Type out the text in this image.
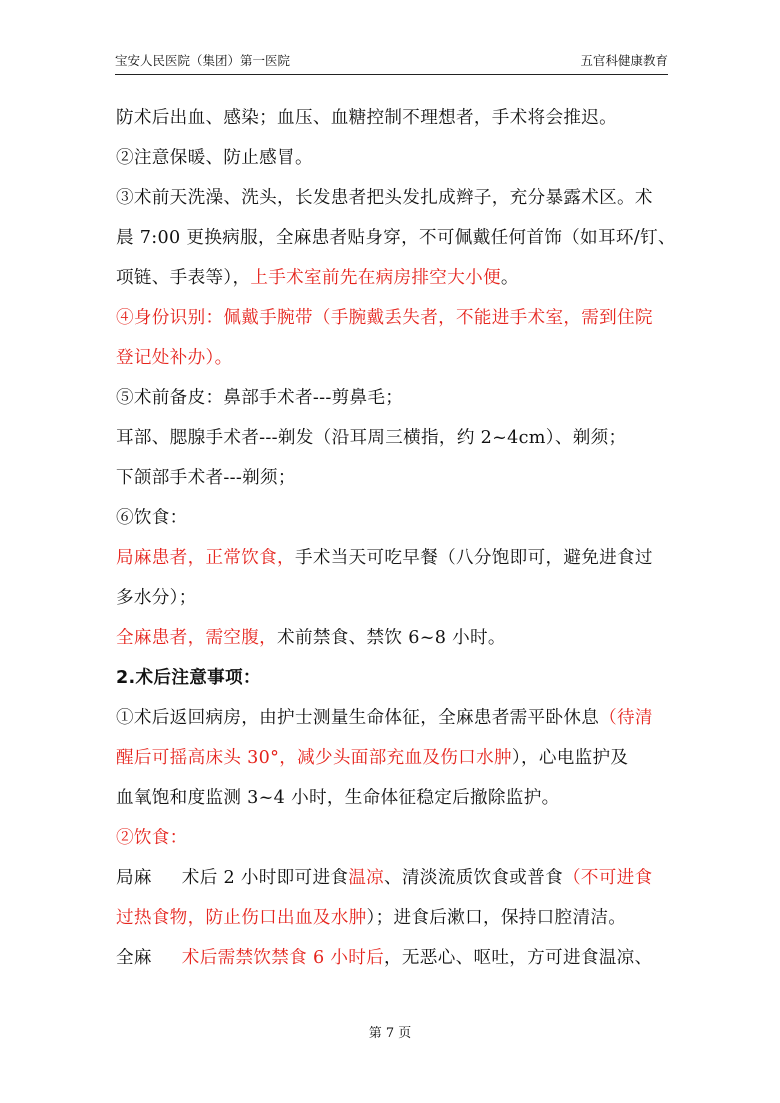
宝安人民医院（集团）第一医院	五官科健康教育
防术后出血、感染；血压、血糖控制不理想者，手术将会推迟。
②注意保暖、防止感冒。
③术前天洗澡、洗头，长发患者把头发扎成辫子，充分暴露术区。术
晨 7:00 更换病服，全麻患者贴身穿，不可佩戴任何首饰（如耳环/钉、
项链、手表等），上手术室前先在病房排空大小便。
④身份识别：佩戴手腕带（手腕戴丢失者，不能进手术室，需到住院
登记处补办）。
⑤术前备皮：鼻部手术者---剪鼻毛；
耳部、腮腺手术者---剃发（沿耳周三横指，约 2~4cm）、剃须；
下颌部手术者---剃须；
⑥饮食：
局麻患者，正常饮食，手术当天可吃早餐（八分饱即可，避免进食过
多水分）；
全麻患者，需空腹，术前禁食、禁饮 6~8 小时。
2.术后注意事项：
①术后返回病房，由护士测量生命体征，全麻患者需平卧休息（待清
醒后可摇高床头 30°，减少头面部充血及伤口水肿），心电监护及
血氧饱和度监测 3~4 小时，生命体征稳定后撤除监护。
②饮食：
局麻 术后 2 小时即可进食温凉、清淡流质饮食或普食（不可进食
过热食物，防止伤口出血及水肿）；进食后漱口，保持口腔清洁。
全麻 术后需禁饮禁食 6 小时后，无恶心、呕吐，方可进食温凉、
第 7 页
